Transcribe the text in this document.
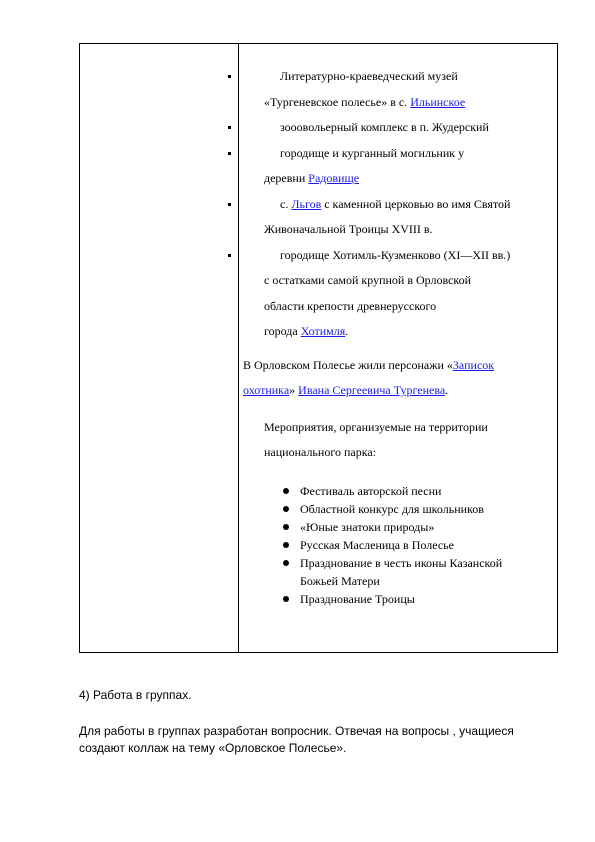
Литературно-краеведческий музей
«Тургеневское полесье» в с. Ильинское
зооовольерный комплекс в п. Жудерский
городище и курганный могильник у
деревни Радовище
с. Льгов с каменной церковью во имя Святой
Живоначальной Троицы XVIII в.
городище Хотимль-Кузменково (XI—XII вв.)
с остатками самой крупной в Орловской
области крепости древнерусского
города Хотимля.
В Орловском Полесье жили персонажи «Записок
охотника» Ивана Сергеевича Тургенева.
Мероприятия, организуемые на территории
национального парка:
Фестиваль авторской песни
Областной конкурс для школьников
«Юные знатоки природы»
Русская Масленица в Полесье
Празднование в честь иконы Казанской
Божьей Матери
Празднование Троицы
4) Работа в группах.
Для работы в группах разработан вопросник. Отвечая на вопросы , учащиеся
создают коллаж на тему «Орловское Полесье».
